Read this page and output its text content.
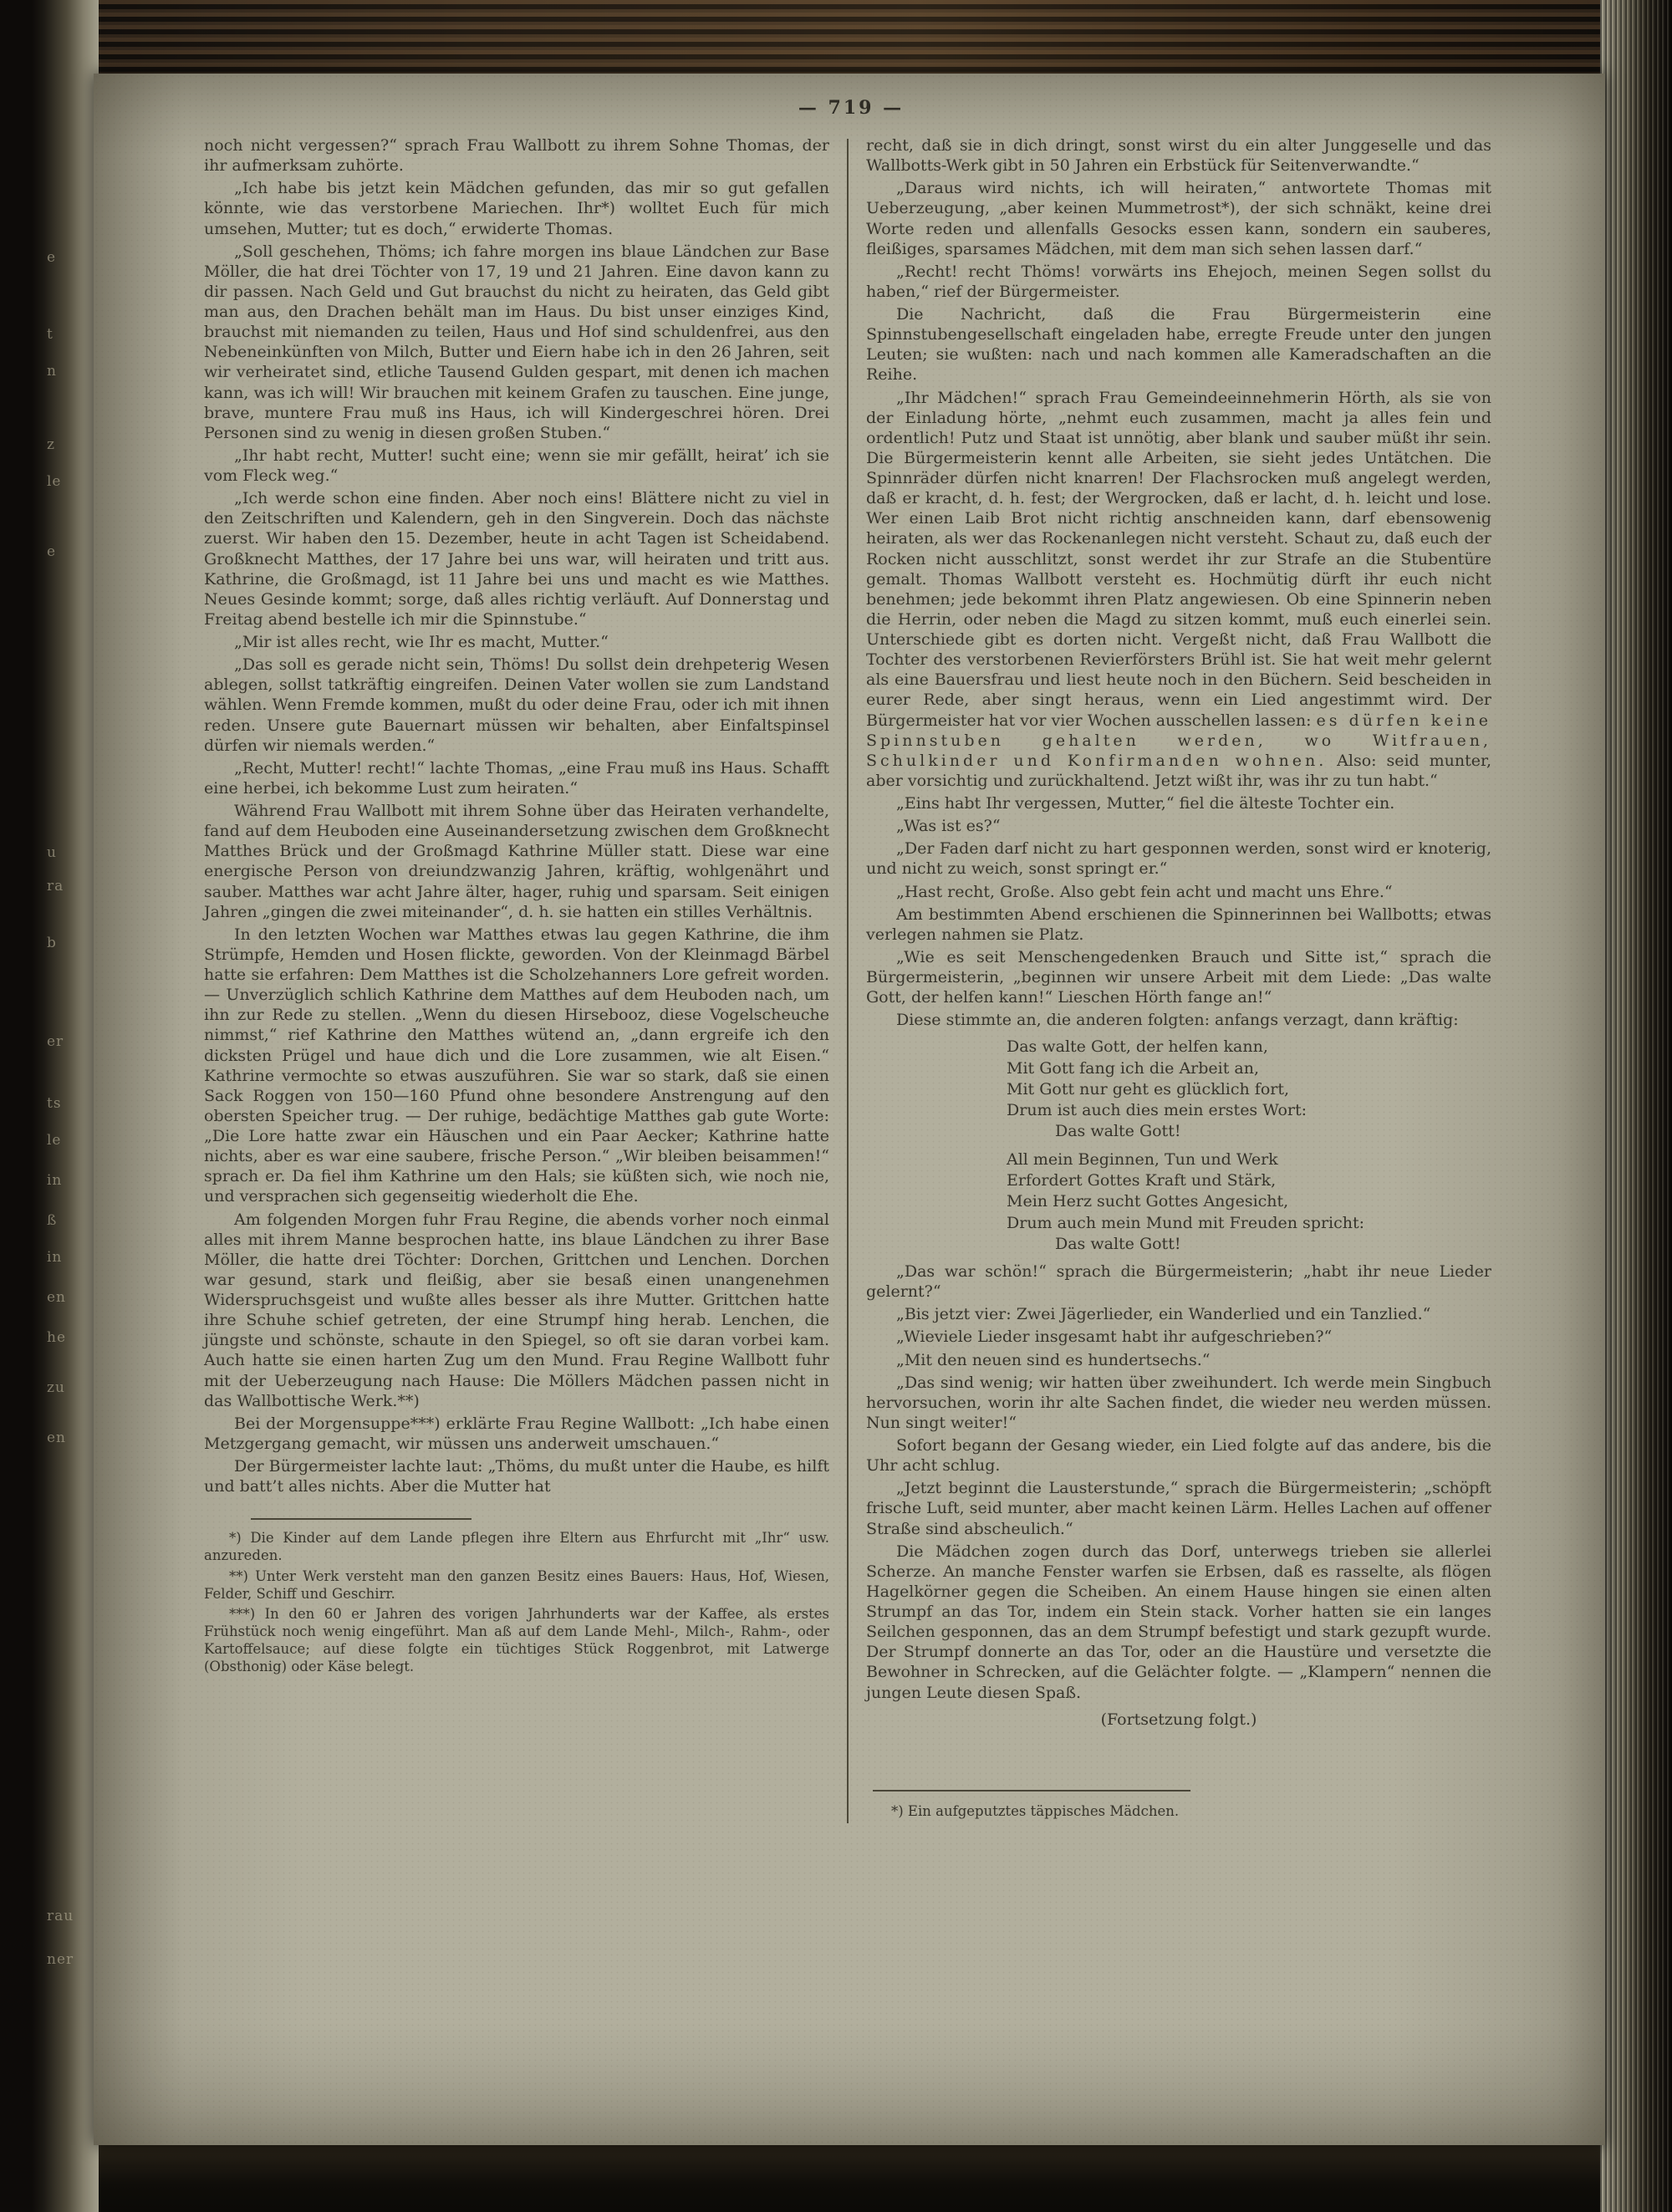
e
t
n
z
le
e
u
ra
b
er
ts
le
in
ß
in
en
he
zu
en
rau
ner
— 719 —

noch nicht vergessen?“ sprach Frau Wallbott zu ihrem Sohne Thomas, der ihr aufmerksam zuhörte.

„Ich habe bis jetzt kein Mädchen gefunden, das mir so gut gefallen könnte, wie das verstorbene Mariechen. Ihr*) wolltet Euch für mich umsehen, Mutter; tut es doch,“ erwiderte Thomas.

„Soll geschehen, Thöms; ich fahre morgen ins blaue Ländchen zur Base Möller, die hat drei Töchter von 17, 19 und 21 Jahren. Eine davon kann zu dir passen. Nach Geld und Gut brauchst du nicht zu heiraten, das Geld gibt man aus, den Drachen behält man im Haus. Du bist unser einziges Kind, brauchst mit niemanden zu teilen, Haus und Hof sind schuldenfrei, aus den Nebeneinkünften von Milch, Butter und Eiern habe ich in den 26 Jahren, seit wir verheiratet sind, etliche Tausend Gulden gespart, mit denen ich machen kann, was ich will! Wir brauchen mit keinem Grafen zu tauschen. Eine junge, brave, muntere Frau muß ins Haus, ich will Kindergeschrei hören. Drei Personen sind zu wenig in diesen großen Stuben.“

„Ihr habt recht, Mutter! sucht eine; wenn sie mir gefällt, heirat’ ich sie vom Fleck weg.“

„Ich werde schon eine finden. Aber noch eins! Blättere nicht zu viel in den Zeitschriften und Kalendern, geh in den Singverein. Doch das nächste zuerst. Wir haben den 15. Dezember, heute in acht Tagen ist Scheidabend. Großknecht Matthes, der 17 Jahre bei uns war, will heiraten und tritt aus. Kathrine, die Großmagd, ist 11 Jahre bei uns und macht es wie Matthes. Neues Gesinde kommt; sorge, daß alles richtig verläuft. Auf Donnerstag und Freitag abend bestelle ich mir die Spinnstube.“

„Mir ist alles recht, wie Ihr es macht, Mutter.“

„Das soll es gerade nicht sein, Thöms! Du sollst dein drehpeterig Wesen ablegen, sollst tatkräftig eingreifen. Deinen Vater wollen sie zum Landstand wählen. Wenn Fremde kommen, mußt du oder deine Frau, oder ich mit ihnen reden. Unsere gute Bauernart müssen wir behalten, aber Einfaltspinsel dürfen wir niemals werden.“

„Recht, Mutter! recht!“ lachte Thomas, „eine Frau muß ins Haus. Schafft eine herbei, ich bekomme Lust zum heiraten.“

Während Frau Wallbott mit ihrem Sohne über das Heiraten verhandelte, fand auf dem Heuboden eine Auseinandersetzung zwischen dem Großknecht Matthes Brück und der Großmagd Kathrine Müller statt. Diese war eine energische Person von dreiundzwanzig Jahren, kräftig, wohlgenährt und sauber. Matthes war acht Jahre älter, hager, ruhig und sparsam. Seit einigen Jahren „gingen die zwei miteinander“, d. h. sie hatten ein stilles Verhältnis.

In den letzten Wochen war Matthes etwas lau gegen Kathrine, die ihm Strümpfe, Hemden und Hosen flickte, geworden. Von der Kleinmagd Bärbel hatte sie erfahren: Dem Matthes ist die Scholzehanners Lore gefreit worden. — Unverzüglich schlich Kathrine dem Matthes auf dem Heuboden nach, um ihn zur Rede zu stellen. „Wenn du diesen Hirsebooz, diese Vogelscheuche nimmst,“ rief Kathrine den Matthes wütend an, „dann ergreife ich den dicksten Prügel und haue dich und die Lore zusammen, wie alt Eisen.“ Kathrine vermochte so etwas auszuführen. Sie war so stark, daß sie einen Sack Roggen von 150—160 Pfund ohne besondere Anstrengung auf den obersten Speicher trug. — Der ruhige, bedächtige Matthes gab gute Worte: „Die Lore hatte zwar ein Häuschen und ein Paar Aecker; Kathrine hatte nichts, aber es war eine saubere, frische Person.“ „Wir bleiben beisammen!“ sprach er. Da fiel ihm Kathrine um den Hals; sie küßten sich, wie noch nie, und versprachen sich gegenseitig wiederholt die Ehe.

Am folgenden Morgen fuhr Frau Regine, die abends vorher noch einmal alles mit ihrem Manne besprochen hatte, ins blaue Ländchen zu ihrer Base Möller, die hatte drei Töchter: Dorchen, Grittchen und Lenchen. Dorchen war gesund, stark und fleißig, aber sie besaß einen unangenehmen Widerspruchsgeist und wußte alles besser als ihre Mutter. Grittchen hatte ihre Schuhe schief getreten, der eine Strumpf hing herab. Lenchen, die jüngste und schönste, schaute in den Spiegel, so oft sie daran vorbei kam. Auch hatte sie einen harten Zug um den Mund. Frau Regine Wallbott fuhr mit der Ueberzeugung nach Hause: Die Möllers Mädchen passen nicht in das Wallbottische Werk.**)

Bei der Morgensuppe***) erklärte Frau Regine Wallbott: „Ich habe einen Metzgergang gemacht, wir müssen uns anderweit umschauen.“

Der Bürgermeister lachte laut: „Thöms, du mußt unter die Haube, es hilft und batt’t alles nichts. Aber die Mutter hat

*) Die Kinder auf dem Lande pflegen ihre Eltern aus Ehrfurcht mit „Ihr“ usw. anzureden.

**) Unter Werk versteht man den ganzen Besitz eines Bauers: Haus, Hof, Wiesen, Felder, Schiff und Geschirr.

***) In den 60 er Jahren des vorigen Jahrhunderts war der Kaffee, als erstes Frühstück noch wenig eingeführt. Man aß auf dem Lande Mehl-, Milch-, Rahm-, oder Kartoffelsauce; auf diese folgte ein tüchtiges Stück Roggenbrot, mit Latwerge (Obsthonig) oder Käse belegt.

recht, daß sie in dich dringt, sonst wirst du ein alter Junggeselle und das Wallbotts-Werk gibt in 50 Jahren ein Erbstück für Seitenverwandte.“

„Daraus wird nichts, ich will heiraten,“ antwortete Thomas mit Ueberzeugung, „aber keinen Mummetrost*), der sich schnäkt, keine drei Worte reden und allenfalls Gesocks essen kann, sondern ein sauberes, fleißiges, sparsames Mädchen, mit dem man sich sehen lassen darf.“

„Recht! recht Thöms! vorwärts ins Ehejoch, meinen Segen sollst du haben,“ rief der Bürgermeister.

Die Nachricht, daß die Frau Bürgermeisterin eine Spinnstubengesellschaft eingeladen habe, erregte Freude unter den jungen Leuten; sie wußten: nach und nach kommen alle Kameradschaften an die Reihe.

„Ihr Mädchen!“ sprach Frau Gemeindeeinnehmerin Hörth, als sie von der Einladung hörte, „nehmt euch zusammen, macht ja alles fein und ordentlich! Putz und Staat ist unnötig, aber blank und sauber müßt ihr sein. Die Bürgermeisterin kennt alle Arbeiten, sie sieht jedes Untätchen. Die Spinnräder dürfen nicht knarren! Der Flachsrocken muß angelegt werden, daß er kracht, d. h. fest; der Wergrocken, daß er lacht, d. h. leicht und lose. Wer einen Laib Brot nicht richtig anschneiden kann, darf ebensowenig heiraten, als wer das Rockenanlegen nicht versteht. Schaut zu, daß euch der Rocken nicht ausschlitzt, sonst werdet ihr zur Strafe an die Stubentüre gemalt. Thomas Wallbott versteht es. Hochmütig dürft ihr euch nicht benehmen; jede bekommt ihren Platz angewiesen. Ob eine Spinnerin neben die Herrin, oder neben die Magd zu sitzen kommt, muß euch einerlei sein. Unterschiede gibt es dorten nicht. Vergeßt nicht, daß Frau Wallbott die Tochter des verstorbenen Revierförsters Brühl ist. Sie hat weit mehr gelernt als eine Bauersfrau und liest heute noch in den Büchern. Seid bescheiden in eurer Rede, aber singt heraus, wenn ein Lied angestimmt wird. Der Bürgermeister hat vor vier Wochen ausschellen lassen: es dürfen keine Spinnstuben gehalten werden, wo Witfrauen, Schulkinder und Konfirmanden wohnen. Also: seid munter, aber vorsichtig und zurückhaltend. Jetzt wißt ihr, was ihr zu tun habt.“

„Eins habt Ihr vergessen, Mutter,“ fiel die älteste Tochter ein.

„Was ist es?“

„Der Faden darf nicht zu hart gesponnen werden, sonst wird er knoterig, und nicht zu weich, sonst springt er.“

„Hast recht, Große. Also gebt fein acht und macht uns Ehre.“

Am bestimmten Abend erschienen die Spinnerinnen bei Wallbotts; etwas verlegen nahmen sie Platz.

„Wie es seit Menschengedenken Brauch und Sitte ist,“ sprach die Bürgermeisterin, „beginnen wir unsere Arbeit mit dem Liede: „Das walte Gott, der helfen kann!“ Lieschen Hörth fange an!“

Diese stimmte an, die anderen folgten: anfangs verzagt, dann kräftig:

Das walte Gott, der helfen kann,
Mit Gott fang ich die Arbeit an,
Mit Gott nur geht es glücklich fort,
Drum ist auch dies mein erstes Wort:
Das walte Gott!
All mein Beginnen, Tun und Werk
Erfordert Gottes Kraft und Stärk,
Mein Herz sucht Gottes Angesicht,
Drum auch mein Mund mit Freuden spricht:
Das walte Gott!

„Das war schön!“ sprach die Bürgermeisterin; „habt ihr neue Lieder gelernt?“

„Bis jetzt vier: Zwei Jägerlieder, ein Wanderlied und ein Tanzlied.“

„Wieviele Lieder insgesamt habt ihr aufgeschrieben?“

„Mit den neuen sind es hundertsechs.“

„Das sind wenig; wir hatten über zweihundert. Ich werde mein Singbuch hervorsuchen, worin ihr alte Sachen findet, die wieder neu werden müssen. Nun singt weiter!“

Sofort begann der Gesang wieder, ein Lied folgte auf das andere, bis die Uhr acht schlug.

„Jetzt beginnt die Lausterstunde,“ sprach die Bürgermeisterin; „schöpft frische Luft, seid munter, aber macht keinen Lärm. Helles Lachen auf offener Straße sind abscheulich.“

Die Mädchen zogen durch das Dorf, unterwegs trieben sie allerlei Scherze. An manche Fenster warfen sie Erbsen, daß es rasselte, als flögen Hagelkörner gegen die Scheiben. An einem Hause hingen sie einen alten Strumpf an das Tor, indem ein Stein stack. Vorher hatten sie ein langes Seilchen gesponnen, das an dem Strumpf befestigt und stark gezupft wurde. Der Strumpf donnerte an das Tor, oder an die Haustüre und versetzte die Bewohner in Schrecken, auf die Gelächter folgte. — „Klampern“ nennen die jungen Leute diesen Spaß.

(Fortsetzung folgt.)

*) Ein aufgeputztes täppisches Mädchen.
